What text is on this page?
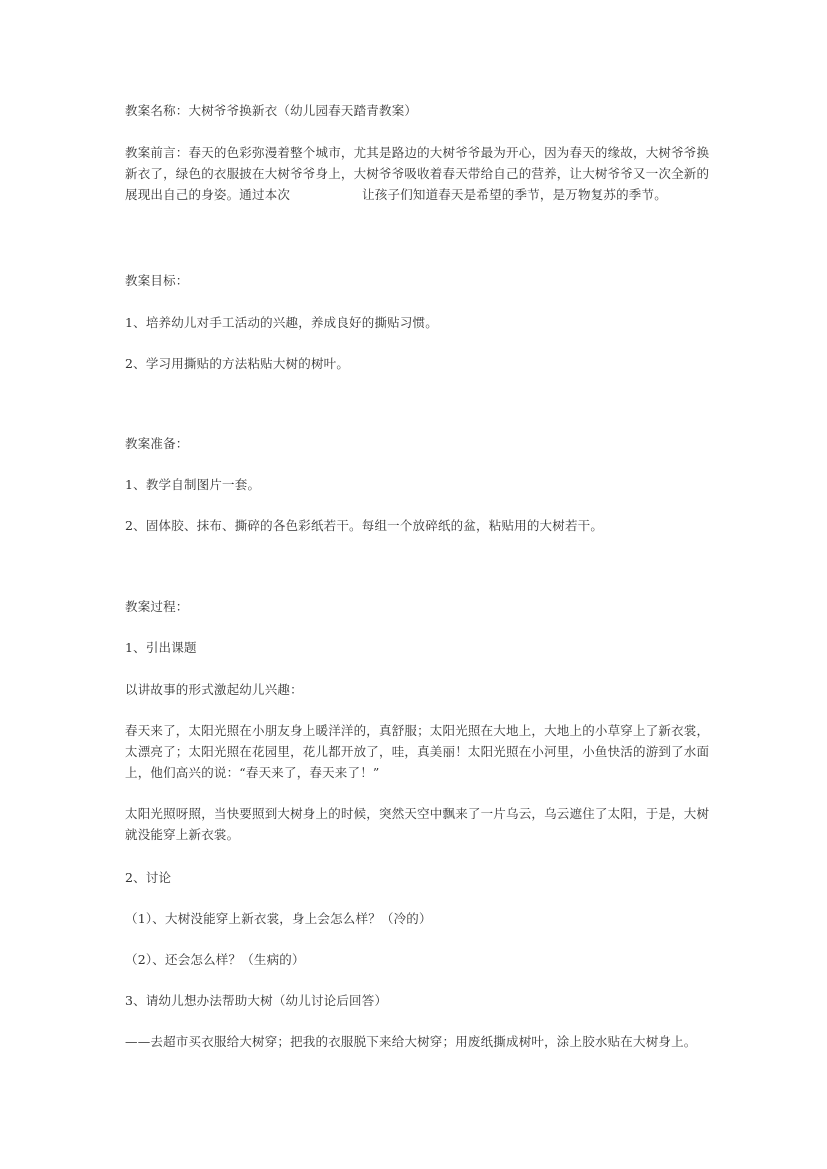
教案名称：大树爷爷换新衣（幼儿园春天踏青教案）
教案前言：春天的色彩弥漫着整个城市，尤其是路边的大树爷爷最为开心，因为春天的缘故，大树爷爷换
新衣了，绿色的衣服披在大树爷爷身上，大树爷爷吸收着春天带给自己的营养，让大树爷爷又一次全新的
展现出自己的身姿。通过本次	让孩子们知道春天是希望的季节，是万物复苏的季节。
教案目标：
1、培养幼儿对手工活动的兴趣，养成良好的撕贴习惯。
2、学习用撕贴的方法粘贴大树的树叶。
教案准备：
1、教学自制图片一套。
2、固体胶、抹布、撕碎的各色彩纸若干。每组一个放碎纸的盆，粘贴用的大树若干。
教案过程：
1、引出课题
以讲故事的形式激起幼儿兴趣：
春天来了，太阳光照在小朋友身上暖洋洋的，真舒服；太阳光照在大地上，大地上的小草穿上了新衣裳，
太漂亮了；太阳光照在花园里，花儿都开放了，哇，真美丽！太阳光照在小河里，小鱼快活的游到了水面
上，他们高兴的说：“春天来了，春天来了！”
太阳光照呀照，当快要照到大树身上的时候，突然天空中飘来了一片乌云，乌云遮住了太阳，于是，大树
就没能穿上新衣裳。
2、讨论
（1）、大树没能穿上新衣裳，身上会怎么样？（冷的）
（2）、还会怎么样？（生病的）
3、请幼儿想办法帮助大树（幼儿讨论后回答）
——去超市买衣服给大树穿；把我的衣服脱下来给大树穿；用废纸撕成树叶，涂上胶水贴在大树身上。
